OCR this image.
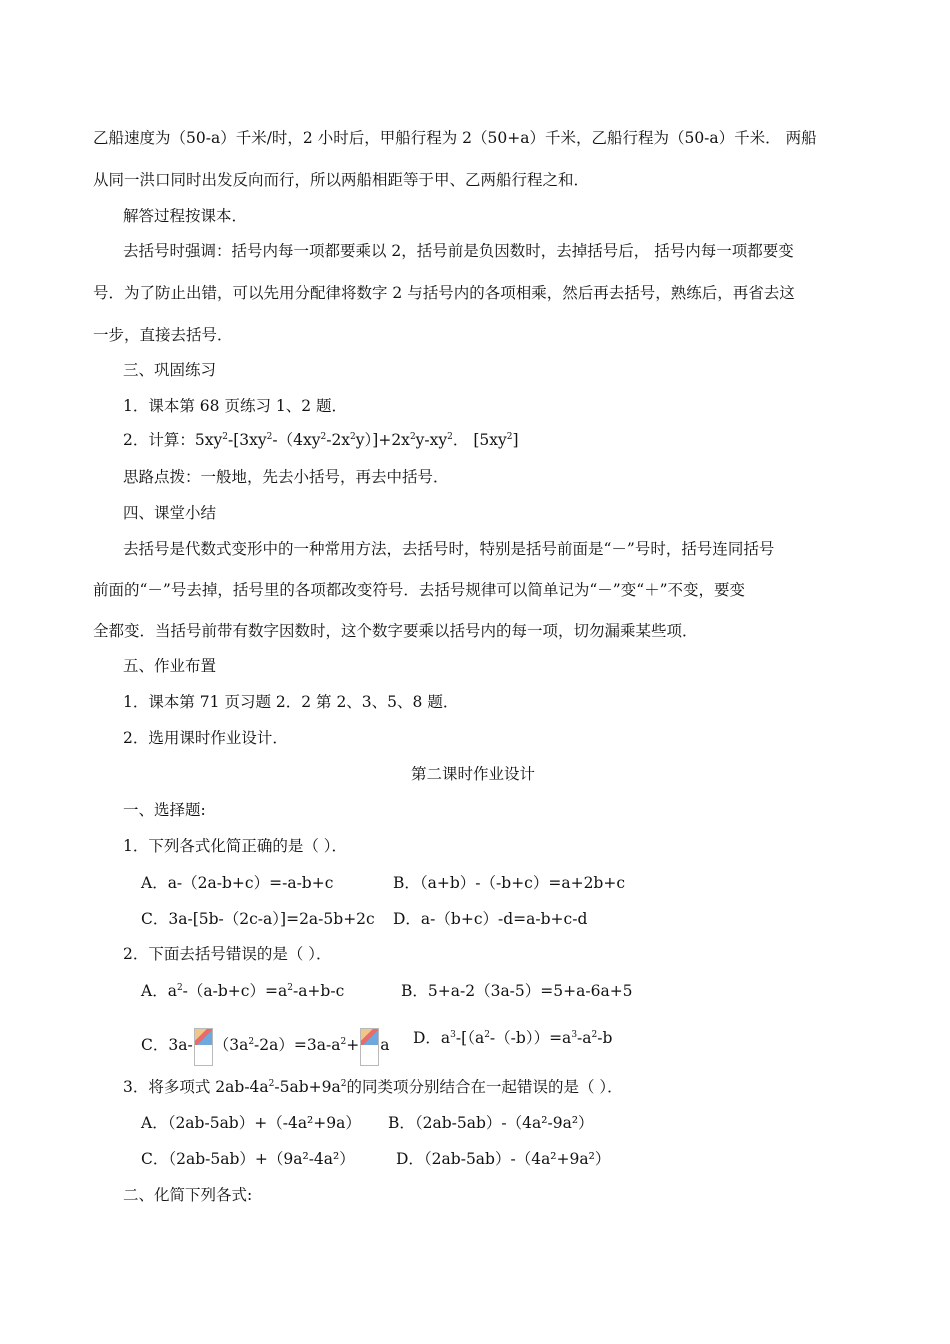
乙船速度为（50-a）千米/时，2 小时后，甲船行程为 2（50+a）千米，乙船行程为（50-a）千米． 两船
从同一洪口同时出发反向而行，所以两船相距等于甲、乙两船行程之和．
解答过程按课本．
去括号时强调：括号内每一项都要乘以 2，括号前是负因数时，去掉括号后， 括号内每一项都要变
号．为了防止出错，可以先用分配律将数字 2 与括号内的各项相乘，然后再去括号，熟练后，再省去这
一步，直接去括号．
三、巩固练习
1．课本第 68 页练习 1、2 题．
2．计算：$5xy^2-[3xy^2-(4xy^2-2x^2y)]+2x^2y-xy^2$． $[5xy^2]$
思路点拨：一般地，先去小括号，再去中括号．
四、课堂小结
去括号是代数式变形中的一种常用方法，去括号时，特别是括号前面是“－”号时，括号连同括号
前面的“－”号去掉，括号里的各项都改变符号．去括号规律可以简单记为“－”变“＋”不变，要变
全都变．当括号前带有数字因数时，这个数字要乘以括号内的每一项，切勿漏乘某些项．
五、作业布置
1．课本第 71 页习题 2．2 第 2、3、5、8 题．
2．选用课时作业设计．
第二课时作业设计
一、选择题:
1．下列各式化简正确的是（ ）．
A．a-（2a-b+c）=-a-b+c	B．（a+b）-（-b+c）=a+2b+c
C．3a-[5b-（2c-a）]=2a-5b+2c D．a-（b+c）-d=a-b+c-d
2．下面去括号错误的是（ ）．
A．$a^2-(a-b+c)=a^2-a+b-c$	B．5+a-2（3a-5）=5+a-6a+5
C．3a- $(3a^2-2a)=3a-a^2+ a$ D．$a^3-[(a^2-(-b))=a^3-a^2-b$
3．将多项式 $2ab-4a^2-5ab+9a^2$的同类项分别结合在一起错误的是（ ）．
A．（2ab-5ab）+（-4a²+9a） B．（2ab-5ab）-（4a²-9a²）
C．（2ab-5ab）+（9a²-4a²）	D．（2ab-5ab）-（4a²+9a²）
二、化简下列各式:
